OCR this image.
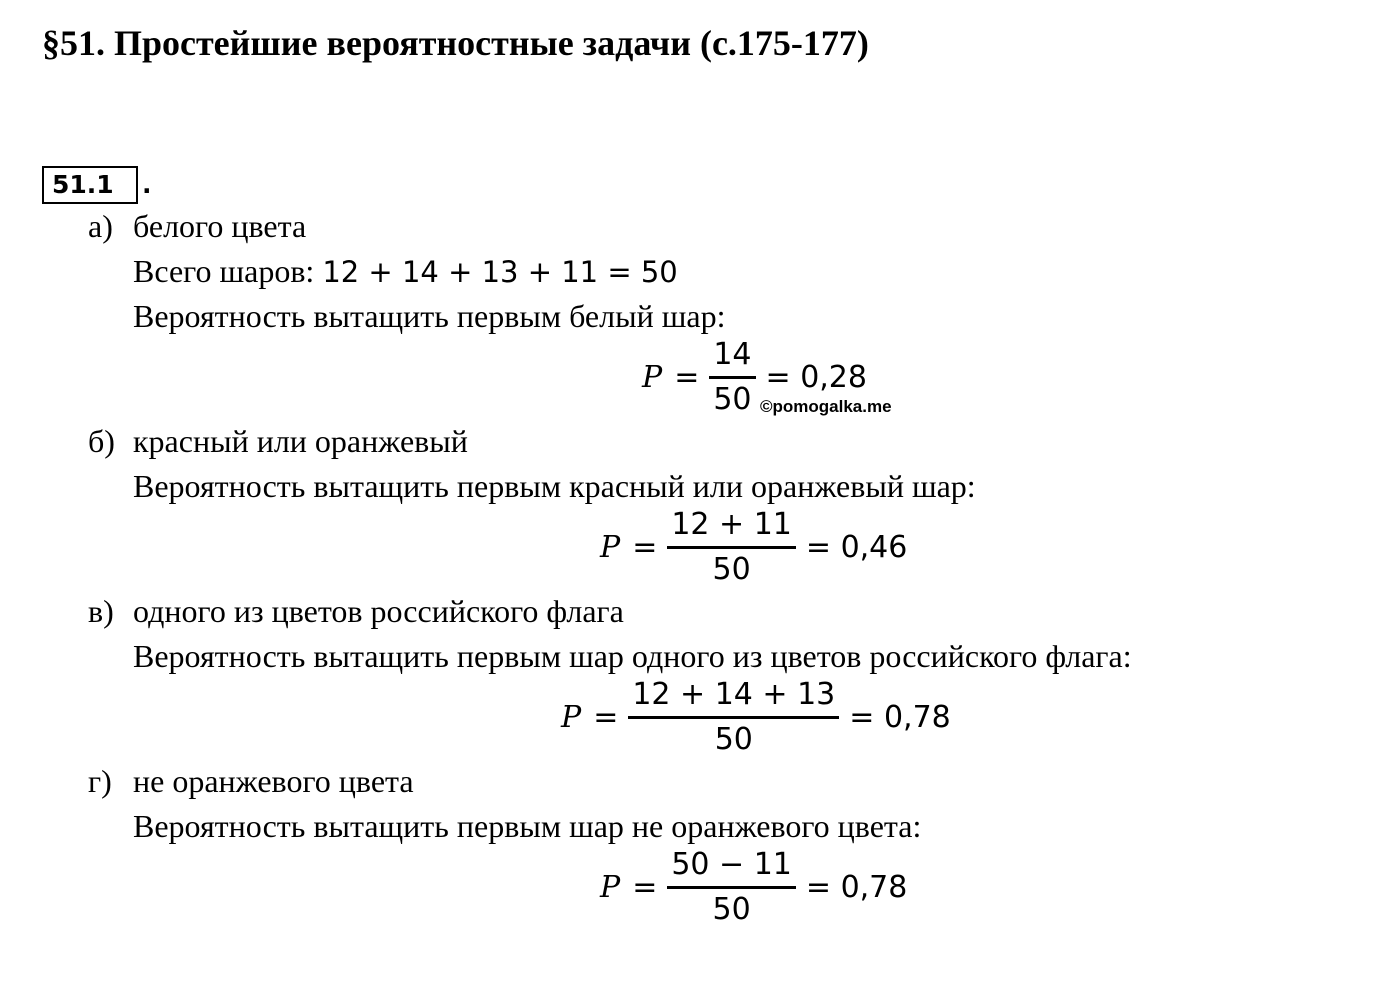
§51. Простейшие вероятностные задачи (с.175-177)
51.1 .
а) белого цвета
Всего шаров: 12 + 14 + 13 + 11 = 50
Вероятность вытащить первым белый шар:
$P = \frac{14}{50} = 0,28$
©pomogalka.me
б) красный или оранжевый
Вероятность вытащить первым красный или оранжевый шар:
$P = \frac{12 + 11}{50} = 0,46$
в) одного из цветов российского флага
Вероятность вытащить первым шар одного из цветов российского флага:
$P = \frac{12 + 14 + 13}{50} = 0,78$
г) не оранжевого цвета
Вероятность вытащить первым шар не оранжевого цвета:
$P = \frac{50 - 11}{50} = 0,78$
